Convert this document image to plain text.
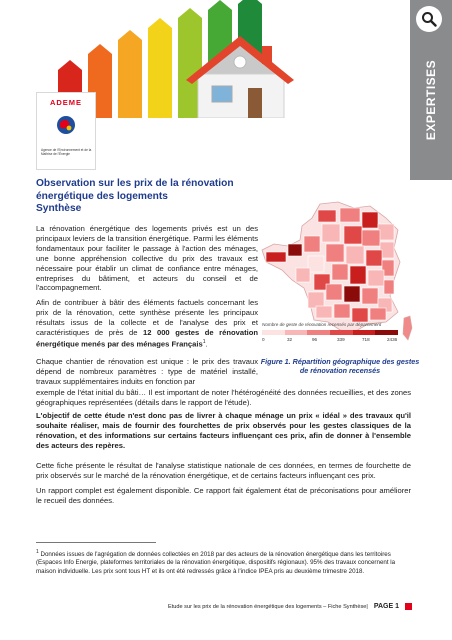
EXPERTISES
ADEME
Agence de l'Environnement et de la Maîtrise de l'Énergie
Observation sur les prix de la rénovation
énergétique des logements
Synthèse
La rénovation énergétique des logements privés est un des principaux leviers de la transition énergétique. Parmi les éléments fondamentaux pour faciliter le passage à l'action des ménages, une bonne appréhension collective du prix des travaux est nécessaire pour établir un climat de confiance entre ménages, entreprises du bâtiment, et acteurs du conseil et de l'accompagnement.
Afin de contribuer à bâtir des éléments factuels concernant les prix de la rénovation, cette synthèse présente les principaux résultats issus de la collecte et de l'analyse des prix et caractéristiques de près de 12 000 gestes de rénovation énergétique menés par des ménages Français$^1$.
Chaque chantier de rénovation est unique : le prix des travaux dépend de nombreux paramètres : type de matériel installé, travaux supplémentaires induits en fonction par
exemple de l'état initial du bâti… Il est important de noter l'hétérogénéité des données recueillies, et des zones géographiques représentées (détails dans le rapport de l'étude).
L'objectif de cette étude n'est donc pas de livrer à chaque ménage un prix « idéal » des travaux qu'il souhaite réaliser, mais de fournir des fourchettes de prix observés pour les gestes classiques de la rénovation, et des informations sur certains facteurs influençant ces prix, afin de donner à l'ensemble des acteurs des repères.
Cette fiche présente le résultat de l'analyse statistique nationale de ces données, en termes de fourchette de prix observés sur le marché de la rénovation énergétique, et de certains facteurs influençant ces prix.
Un rapport complet est également disponible. Ce rapport fait également état de préconisations pour améliorer le recueil des données.
Nombre de geste de rénovation recensés par département
0	32	96	339	718	2436
Figure 1. Répartition géographique des gestes de rénovation recensés
$^1$ Données issues de l'agrégation de données collectées en 2018 par des acteurs de la rénovation énergétique dans les territoires (Espaces Info Energie, plateformes territoriales de la rénovation énergétique, dispositifs régionaux). 95% des travaux concernent la maison individuelle. Les prix sont tous HT et ils ont été redressés grâce à l'indice IPEA pris au deuxième trimestre 2018.
Etude sur les prix de la rénovation énergétique des logements – Fiche Synthèse| PAGE 1
